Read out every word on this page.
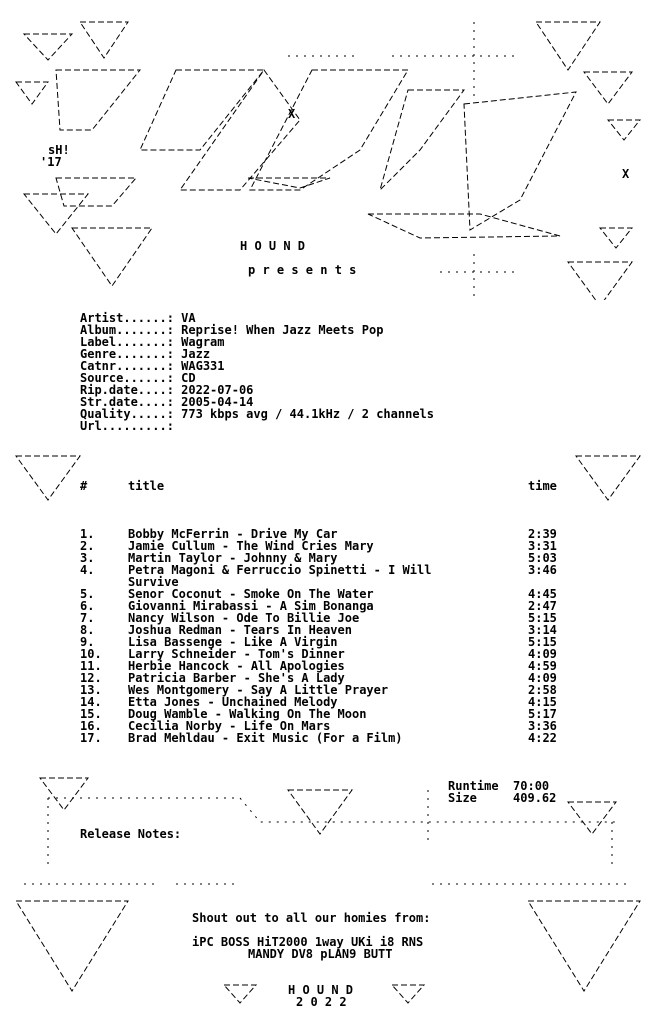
X
X
sH!
'17
H O U N D
p r e s e n t s
Artist......: VA
Album.......: Reprise! When Jazz Meets Pop
Label.......: Wagram
Genre.......: Jazz
Catnr.......: WAG331
Source......: CD
Rip.date....: 2022-07-06
Str.date....: 2005-04-14
Quality.....: 773 kbps avg / 44.1kHz / 2 channels
Url.........:
#	title	time
1.	Bobby McFerrin - Drive My Car	2:39
2.	Jamie Cullum - The Wind Cries Mary	3:31
3.	Martin Taylor - Johnny & Mary	5:03
4.	Petra Magoni & Ferruccio Spinetti - I Will	3:46
Survive
5.	Senor Coconut - Smoke On The Water	4:45
6.	Giovanni Mirabassi - A Sim Bonanga	2:47
7.	Nancy Wilson - Ode To Billie Joe	5:15
8.	Joshua Redman - Tears In Heaven	3:14
9.	Lisa Bassenge - Like A Virgin	5:15
10. Larry Schneider - Tom's Dinner	4:09
11. Herbie Hancock - All Apologies	4:59
12. Patricia Barber - She's A Lady	4:09
13. Wes Montgomery - Say A Little Prayer	2:58
14. Etta Jones - Unchained Melody	4:15
15. Doug Wamble - Walking On The Moon	5:17
16. Cecilia Norby - Life On Mars	3:36
17. Brad Mehldau - Exit Music (For a Film)	4:22
Runtime  70:00
Size     409.62
Release Notes:
Shout out to all our homies from:
iPC BOSS HiT2000 1way UKi i8 RNS
MANDY DV8 pLAN9 BUTT
H O U N D
2 0 2 2
